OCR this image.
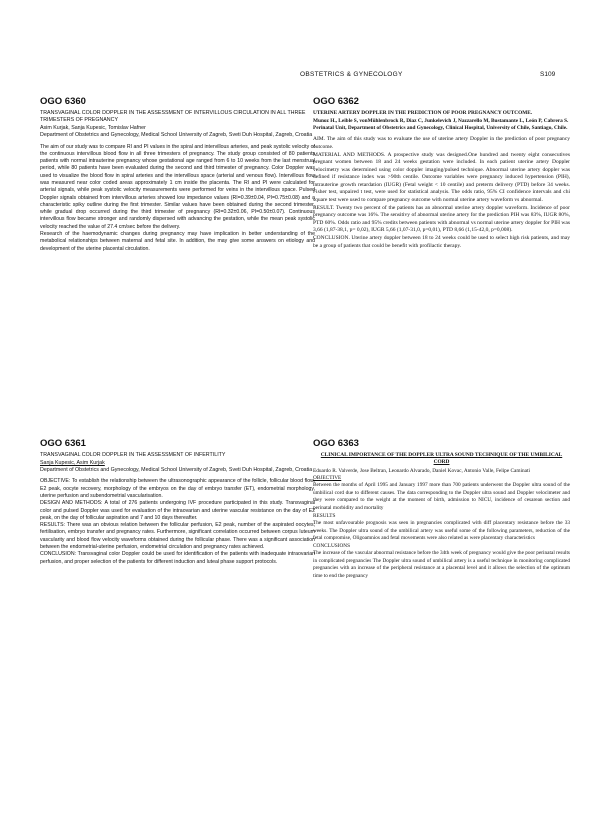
OBSTETRICS & GYNECOLOGY	S109
OGO 6360

TRANSVAGINAL COLOR DOPPLER IN THE ASSESSMENT OF INTERVILLOUS CIRCULATION IN ALL THREE TRIMESTERS OF PREGNANCY

Asim Kurjak, Sanja Kupesic, Tomislav Hafner

Department of Obstetrics and Gynecology, Medical School University of Zagreb, Sveti Duh Hospital, Zagreb, Croatia

The aim of our study was to compare RI and PI values in the spiral and intervillous arteries, and peak systolic velocity of the continuous intervillous blood flow in all three trimesters of pregnancy. The study group consisted of 80 patients patients with normal intrauterine pregnancy whose gestational age ranged from 6 to 10 weeks from the last menstrual period, while 80 patients have been evaluated during the second and third trimester of pregnancy. Color Doppler was used to visualize the blood flow in spiral arteries and the intervillous space (arterial and venous flow). Intervillous flow was measured near color coded areas approximately 1 cm inside the placenta. The RI and PI were calculated for arterial signals, while peak systolic velocity measurements were performed for veins in the intervillous space. Pulsed Doppler signals obtained from intervillous arteries showed low impedance values (RI=0.39±0.04, PI=0.75±0.08) and a characteristic spiky outline during the first trimester. Similar values have been obtained during the second trimester, while gradual drop occurred during the third trimester of pregnancy (RI=0.32±0.06, PI=0.50±0.07). Continuous intervillous flow became stronger and randomly dispersed with advancing the gestation, while the mean peak systolic velocity reached the value of 27.4 cm/sec before the delivery.

Research of the haemodynamic changes during pregnancy may have implication in better understanding of the metabolical relationships between maternal and fetal site. In addition, the may give some answers on etiology and development of the uterine placental circulation.

OGO 6361

TRANSVAGINAL COLOR DOPPLER IN THE ASSESSMENT OF INFERTILITY

Sanja Kupesic, Asim Kurjak

Department of Obstetrics and Gynecology, Medical School University of Zagreb, Sveti Duh Hospital, Zagreb, Croatia

OBJECTIVE: To establish the relationship between the ultrasonographic appearance of the follicle, follicular blood flow, E2 peak, oocyte recovery, morphology of the embryos on the day of embryo transfer (ET), endometrial morphology, uterine perfusion and subendometrial vascularisation.

DESIGN AND METHODS: A total of 276 patients undergoing IVF procedure participated in this study. Transvaginal color and pulsed Doppler was used for evaluation of the intraovarian and uterine vascular resistance on the day of E2 peak, on the day of follicular aspiration and 7 and 10 days thereafter.

RESULTS: There was an obvious relation between the follicular perfusion, E2 peak, number of the aspirated oocytes, fertilisation, embryo transfer and pregnancy rates. Furthermore, significant correlation occurred between corpus luteum vascularity and blood flow velocity waveforms obtained during the follicular phase. There was a significant association between the endometrial-uterine perfusion, endometrial circulation and pregnancy rates achieved.

CONCLUSION: Transvaginal color Doppler could be used for identification of the patients with inadequate intraovarian perfusion, and proper selection of the patients for different induction and luteal phase support protocols.

OGO 6362

UTERINE ARTERY DOPPLER IN THE PREDICTION OF POOR PREGNANCY OUTCOME.

Munoz H., Leible S, vonMühlenbrock R, Diaz C, Junkelevich J, Nazzarello M, Bustamante L, León P, Cabrera S.

Perinatal Unit, Department of Obstetrics and Gynecology, Clinical Hospital, University of Chile, Santiago, Chile.

AIM. The aim of this study was to evaluate the use of uterine artery Doppler in the prediction of poor pregnancy outcome.

MATERIAL AND METHODS. A prospective study was designed.One hundred and twenty eight consecutives pregnant women between 18 and 24 weeks gestation were included. In each patient uterine artery Doppler velocimetry was determined using color doppler imaging/pulsed technique. Abnormal uterine artery doppler was defined if resistance index was >90th centile. Outcome variables were pregnancy induced hypertension (PIH), intrauterine growth retardation (IUGR) (Fetal weight < 10 centile) and preterm delivery (PTD) before 34 weeks. Fisher test, unpaired t test, were used for statistical analysis. The odds ratio, 95% CI confidence intervals and chi square test were used to compare pregnancy outcome with normal uterine artery waveform vs abnormal.

RESULT. Twenty two percent of the patients has an abnormal uterine artery doppler waveform. Incidence of poor pregnancy outcome was 16%. The sensitivy of abnormal uterine artery for the prediction PIH was 83%, IUGR 80%, PTD 60%. Odds ratio and 95% credits between patients with abnormal vs normal uterine artery doppler for PIH was 3,66 (1,87-38,1, p= 0,02), IUGR 5,66 (1,07-31,0, p=0,01), PTD 8,66 (1,15-42,0, p=0,008).

CONCLUSION. Uterine artery doppler between 18 to 24 weeks could be used to select high risk patients, and may be a group of patients that could be benefit with profilactic therapy.

OGO 6363

CLINICAL IMPORTANCE OF THE DOPPLER ULTRA SOUND TECHNIQUE OF THE UMBILICAL CORD

Eduardo R. Valverde, Jose Beltran, Leonardo Alvarado, Daniel Kovac, Antonio Valle, Felipe Caminati

OBJECTIVE

Between the months of April 1995 and January 1997 more than 700 patients underwent the Doppler ultra sound of the umbilical cord due to different causes. The data corresponding to the Doppler ultra sound and Doppler velocimeter and they were compared to the weight at the moment of birth, admission to NICU, incidence of cesarean section and perinatal morbidity and mortality

RESULTS

The most unfavourable prognosis was seen in pregnancies complicated with diff placentary resistance before the 33 weeks. The Doppler ultra sound of the umbilical artery was useful some of the following parameters, reduction of the fetal compromise, Oligoamnios and fetal movements were also related as were placentary characteristics

CONCLUSIONS

The increase of the vascular abnormal resistance before the 34th week of pregnancy would give the poor perinatal results in complicated pregnancies The Doppler ultra sound of umbilical artery is a useful technique in monitoring complicated pregnancies with an increase of the peripheral resistance at a placental level and it allows the selection of the optimum time to end the pregnancy
